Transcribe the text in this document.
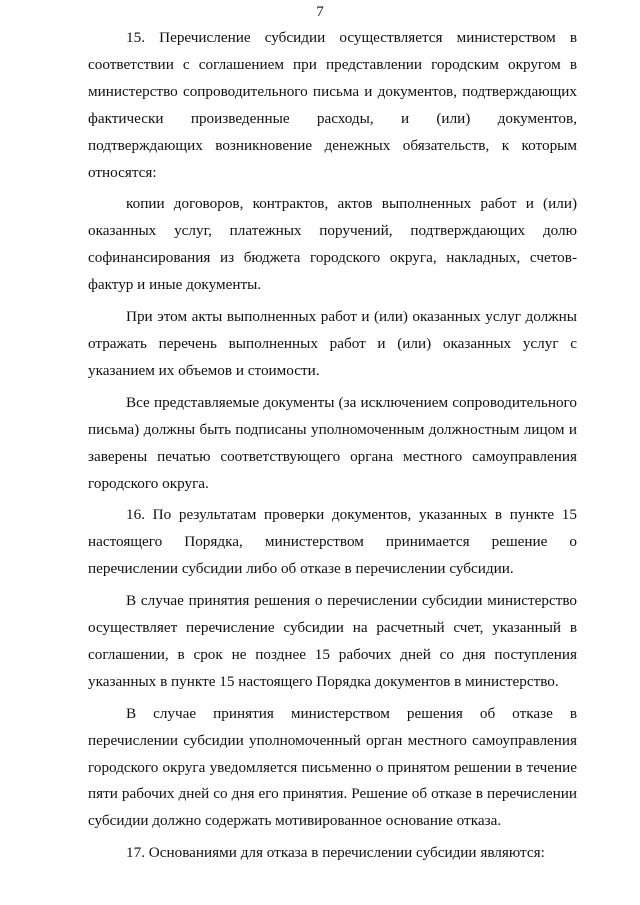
7

15. Перечисление субсидии осуществляется министерством в соответствии с соглашением при представлении городским округом в министерство сопроводительного письма и документов, подтверждающих фактически произведенные расходы, и (или) документов, подтверждающих возникновение денежных обязательств, к которым относятся:

копии договоров, контрактов, актов выполненных работ и (или) оказанных услуг, платежных поручений, подтверждающих долю софинансирования из бюджета городского округа, накладных, счетов-фактур и иные документы.

При этом акты выполненных работ и (или) оказанных услуг должны отражать перечень выполненных работ и (или) оказанных услуг с указанием их объемов и стоимости.

Все представляемые документы (за исключением сопроводительного письма) должны быть подписаны уполномоченным должностным лицом и заверены печатью соответствующего органа местного самоуправления городского округа.

16. По результатам проверки документов, указанных в пункте 15 настоящего Порядка, министерством принимается решение о перечислении субсидии либо об отказе в перечислении субсидии.

В случае принятия решения о перечислении субсидии министерство осуществляет перечисление субсидии на расчетный счет, указанный в соглашении, в срок не позднее 15 рабочих дней со дня поступления указанных в пункте 15 настоящего Порядка документов в министерство.

В случае принятия министерством решения об отказе в перечислении субсидии уполномоченный орган местного самоуправления городского округа уведомляется письменно о принятом решении в течение пяти рабочих дней со дня его принятия. Решение об отказе в перечислении субсидии должно содержать мотивированное основание отказа.

17. Основаниями для отказа в перечислении субсидии являются:
